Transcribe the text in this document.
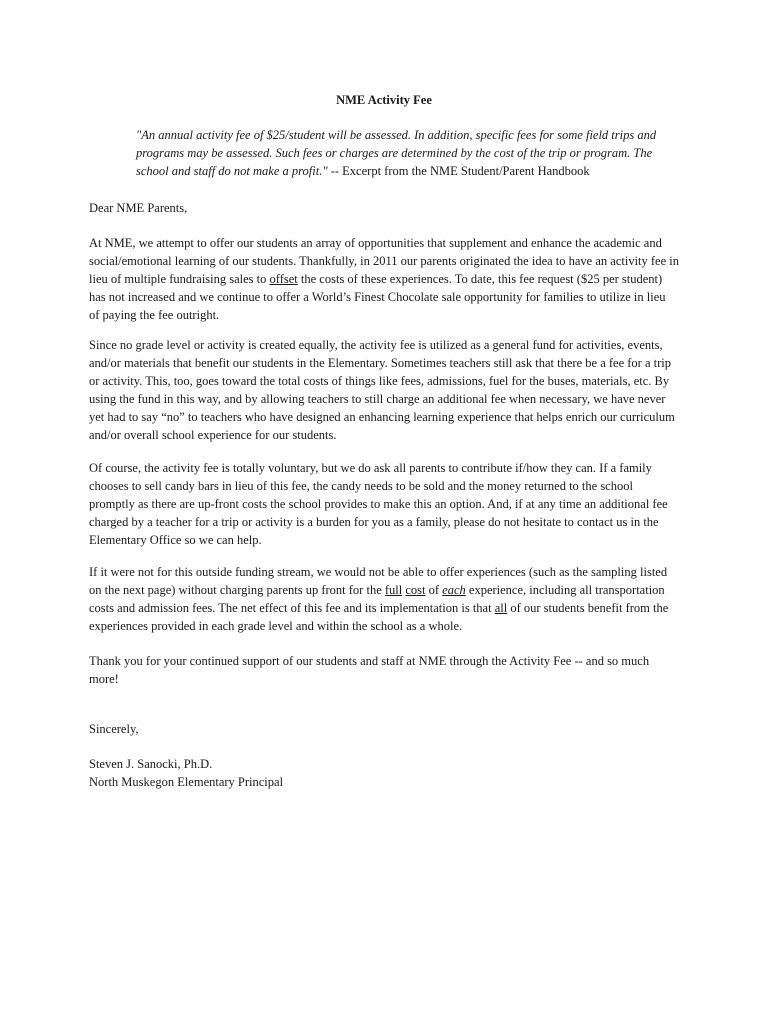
NME Activity Fee
"An annual activity fee of $25/student will be assessed. In addition, specific fees for some field trips and programs may be assessed. Such fees or charges are determined by the cost of the trip or program. The school and staff do not make a profit." -- Excerpt from the NME Student/Parent Handbook
Dear NME Parents,
At NME, we attempt to offer our students an array of opportunities that supplement and enhance the academic and social/emotional learning of our students. Thankfully, in 2011 our parents originated the idea to have an activity fee in lieu of multiple fundraising sales to offset the costs of these experiences. To date, this fee request ($25 per student) has not increased and we continue to offer a World’s Finest Chocolate sale opportunity for families to utilize in lieu of paying the fee outright.
Since no grade level or activity is created equally, the activity fee is utilized as a general fund for activities, events, and/or materials that benefit our students in the Elementary. Sometimes teachers still ask that there be a fee for a trip or activity. This, too, goes toward the total costs of things like fees, admissions, fuel for the buses, materials, etc. By using the fund in this way, and by allowing teachers to still charge an additional fee when necessary, we have never yet had to say “no” to teachers who have designed an enhancing learning experience that helps enrich our curriculum and/or overall school experience for our students.
Of course, the activity fee is totally voluntary, but we do ask all parents to contribute if/how they can. If a family chooses to sell candy bars in lieu of this fee, the candy needs to be sold and the money returned to the school promptly as there are up-front costs the school provides to make this an option. And, if at any time an additional fee charged by a teacher for a trip or activity is a burden for you as a family, please do not hesitate to contact us in the Elementary Office so we can help.
If it were not for this outside funding stream, we would not be able to offer experiences (such as the sampling listed on the next page) without charging parents up front for the full cost of each experience, including all transportation costs and admission fees. The net effect of this fee and its implementation is that all of our students benefit from the experiences provided in each grade level and within the school as a whole.
Thank you for your continued support of our students and staff at NME through the Activity Fee -- and so much more!
Sincerely,
Steven J. Sanocki, Ph.D.
North Muskegon Elementary Principal
